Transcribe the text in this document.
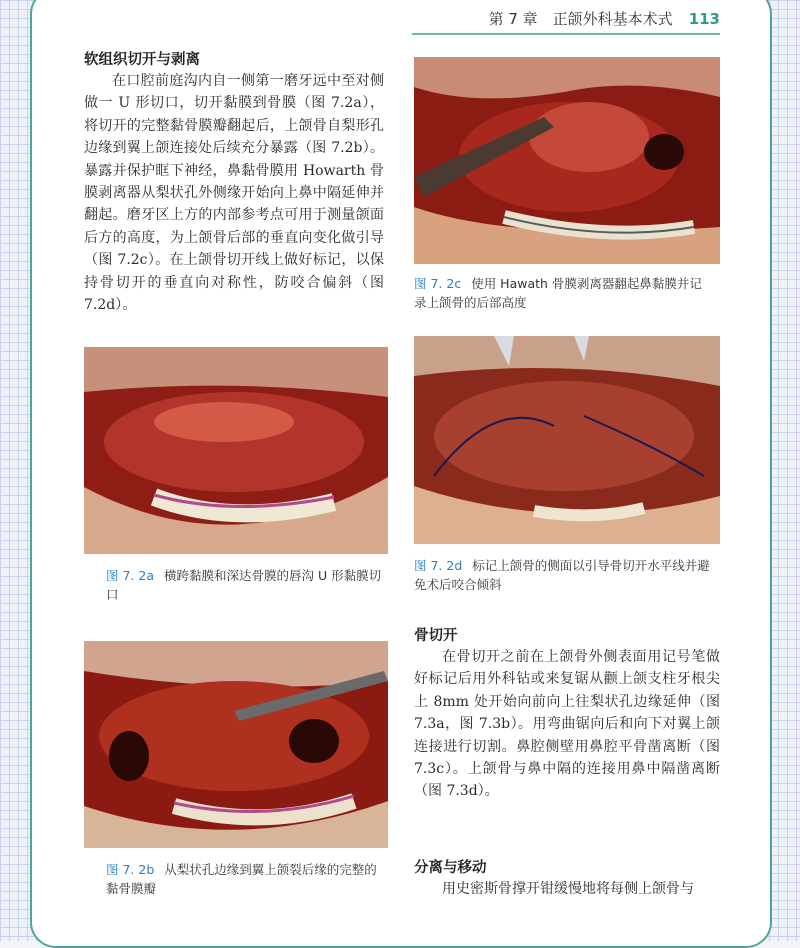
第 7 章　正颌外科基本术式 113
软组织切开与剥离

在口腔前庭沟内自一侧第一磨牙远中至对侧做一 U 形切口，切开黏膜到骨膜（图 7.2a），将切开的完整黏骨膜瓣翻起后，上颌骨自梨形孔边缘到翼上颌连接处后续充分暴露（图 7.2b）。暴露并保护眶下神经，鼻黏骨膜用 Howarth 骨膜剥离器从梨状孔外侧缘开始向上鼻中隔延伸并翻起。磨牙区上方的内部参考点可用于测量颌面后方的高度，为上颌骨后部的垂直向变化做引导（图 7.2c）。在上颌骨切开线上做好标记，以保持骨切开的垂直向对称性，防咬合偏斜（图 7.2d）。

图 7. 2c 使用 Hawath 骨膜剥离器翻起鼻黏膜并记录上颌骨的后部高度
图 7. 2a 横跨黏膜和深达骨膜的唇沟 U 形黏膜切口
图 7. 2d 标记上颌骨的侧面以引导骨切开水平线并避免术后咬合倾斜
骨切开

在骨切开之前在上颌骨外侧表面用记号笔做好标记后用外科钻或来复锯从颧上颌支柱牙根尖上 8mm 处开始向前向上往梨状孔边缘延伸（图 7.3a，图 7.3b）。用弯曲锯向后和向下对翼上颌连接进行切割。鼻腔侧壁用鼻腔平骨凿离断（图 7.3c）。上颌骨与鼻中隔的连接用鼻中隔凿离断（图 7.3d）。

图 7. 2b 从梨状孔边缘到翼上颌裂后缘的完整的黏骨膜瓣
分离与移动

用史密斯骨撑开钳缓慢地将每侧上颌骨与
